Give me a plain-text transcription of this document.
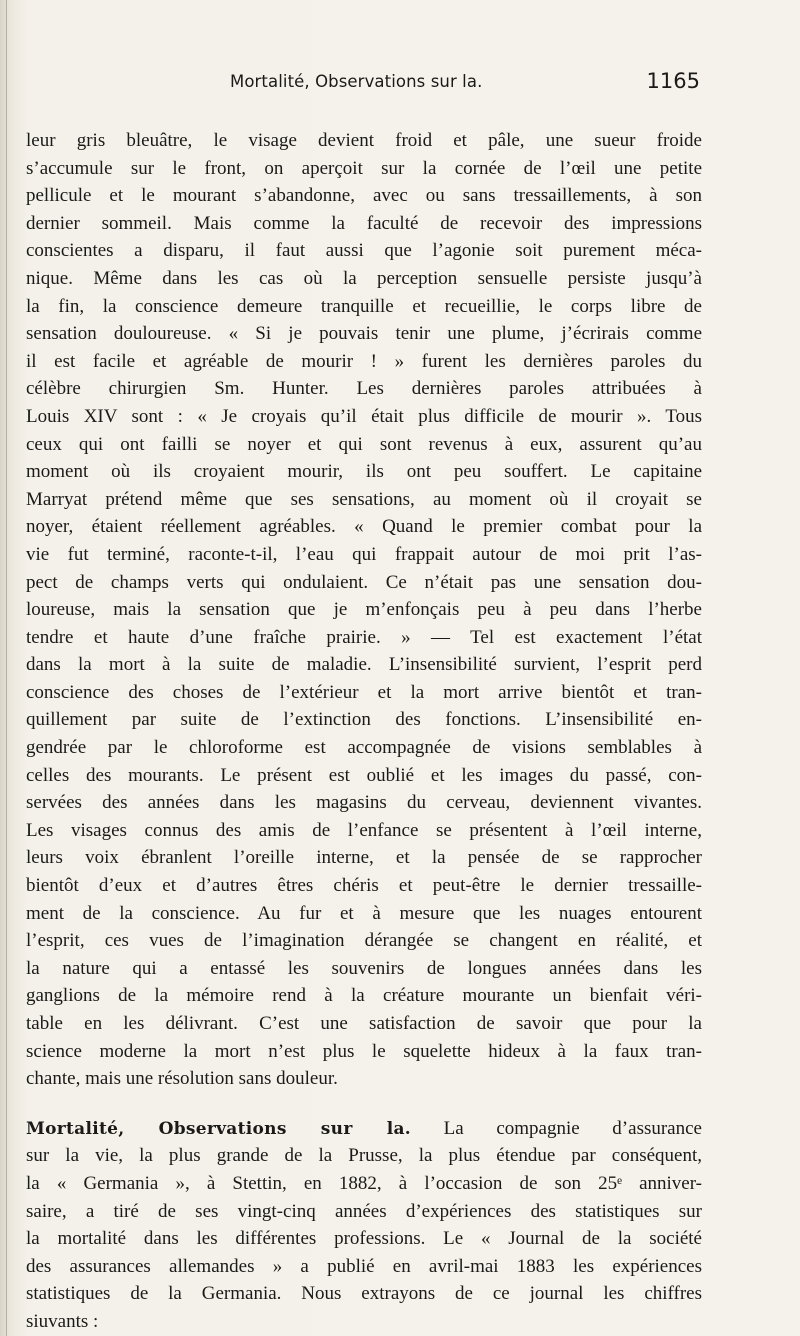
Mortalité, Observations sur la.	1165
leur gris bleuâtre, le visage devient froid et pâle, une sueur froide
s’accumule sur le front, on aperçoit sur la cornée de l’œil une petite
pellicule et le mourant s’abandonne, avec ou sans tressaillements, à son
dernier sommeil. Mais comme la faculté de recevoir des impressions
conscientes a disparu, il faut aussi que l’agonie soit purement méca-
nique. Même dans les cas où la perception sensuelle persiste jusqu’à
la fin, la conscience demeure tranquille et recueillie, le corps libre de
sensation douloureuse. « Si je pouvais tenir une plume, j’écrirais comme
il est facile et agréable de mourir ! » furent les dernières paroles du
célèbre chirurgien Sm. Hunter. Les dernières paroles attribuées à
Louis XIV sont : « Je croyais qu’il était plus difficile de mourir ». Tous
ceux qui ont failli se noyer et qui sont revenus à eux, assurent qu’au
moment où ils croyaient mourir, ils ont peu souffert. Le capitaine
Marryat prétend même que ses sensations, au moment où il croyait se
noyer, étaient réellement agréables. « Quand le premier combat pour la
vie fut terminé, raconte-t-il, l’eau qui frappait autour de moi prit l’as-
pect de champs verts qui ondulaient. Ce n’était pas une sensation dou-
loureuse, mais la sensation que je m’enfonçais peu à peu dans l’herbe
tendre et haute d’une fraîche prairie. » — Tel est exactement l’état
dans la mort à la suite de maladie. L’insensibilité survient, l’esprit perd
conscience des choses de l’extérieur et la mort arrive bientôt et tran-
quillement par suite de l’extinction des fonctions. L’insensibilité en-
gendrée par le chloroforme est accompagnée de visions semblables à
celles des mourants. Le présent est oublié et les images du passé, con-
servées des années dans les magasins du cerveau, deviennent vivantes.
Les visages connus des amis de l’enfance se présentent à l’œil interne,
leurs voix ébranlent l’oreille interne, et la pensée de se rapprocher
bientôt d’eux et d’autres êtres chéris et peut-être le dernier tressaille-
ment de la conscience. Au fur et à mesure que les nuages entourent
l’esprit, ces vues de l’imagination dérangée se changent en réalité, et
la nature qui a entassé les souvenirs de longues années dans les
ganglions de la mémoire rend à la créature mourante un bienfait véri-
table en les délivrant. C’est une satisfaction de savoir que pour la
science moderne la mort n’est plus le squelette hideux à la faux tran-
chante, mais une résolution sans douleur.
Mortalité, Observations sur la. La compagnie d’assurance
sur la vie, la plus grande de la Prusse, la plus étendue par conséquent,
la « Germania », à Stettin, en 1882, à l’occasion de son 25ᵉ anniver-
saire, a tiré de ses vingt-cinq années d’expériences des statistiques sur
la mortalité dans les différentes professions. Le « Journal de la société
des assurances allemandes » a publié en avril-mai 1883 les expériences
statistiques de la Germania. Nous extrayons de ce journal les chiffres
siuvants :
